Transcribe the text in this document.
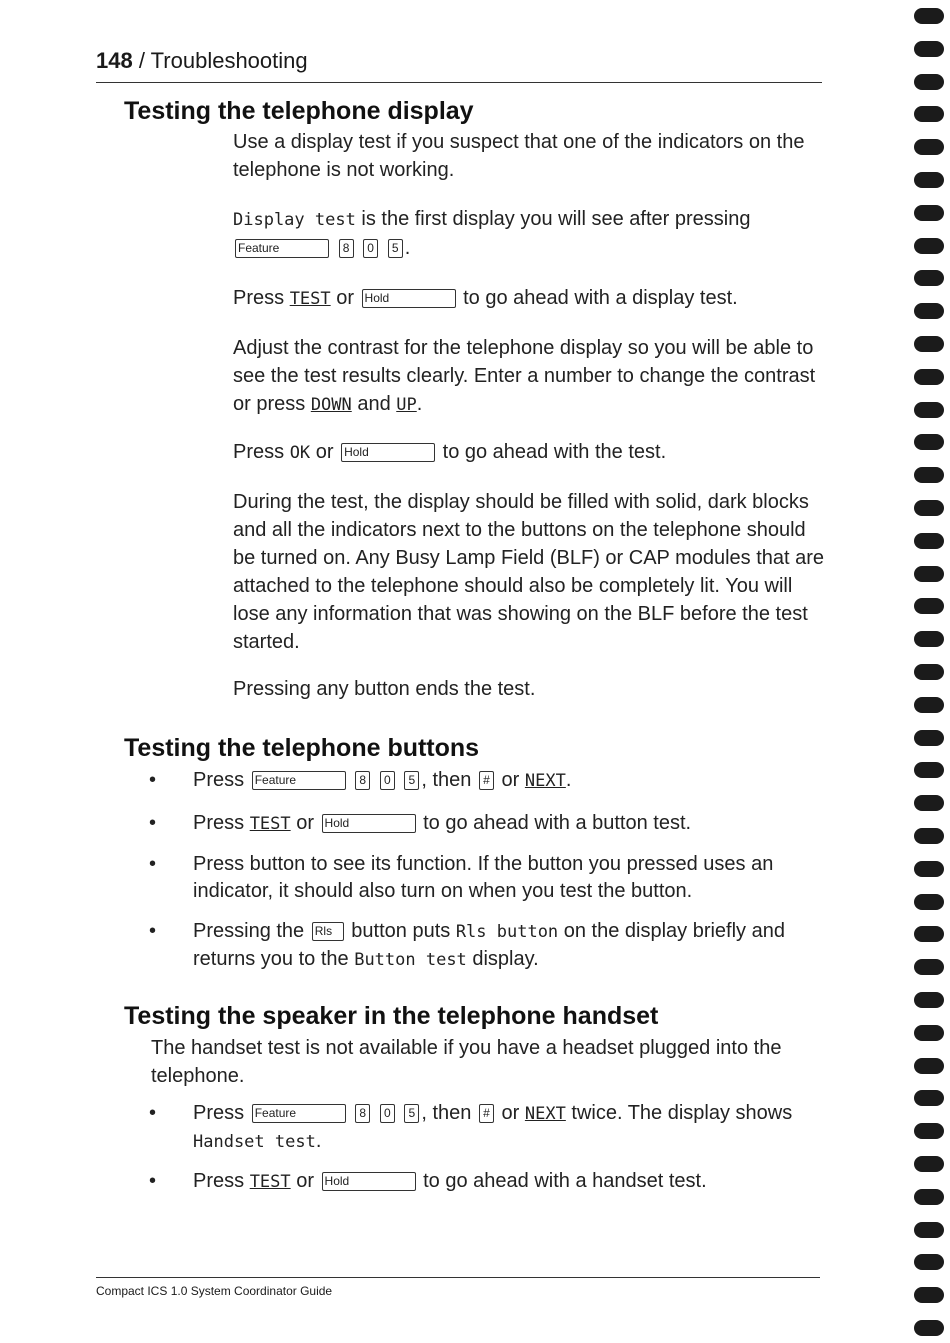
148 / Troubleshooting
Testing the telephone display

Use a display test if you suspect that one of the indicators on the telephone is not working.

Display test is the first display you will see after pressing
Feature	8 0 5 .

Press TEST or Hold	to go ahead with a display test.

Adjust the contrast for the telephone display so you will be able to see the test results clearly. Enter a number to change the contrast or press DOWN and UP.

Press OK or Hold	to go ahead with the test.

During the test, the display should be filled with solid, dark blocks and all the indicators next to the buttons on the telephone should be turned on. Any Busy Lamp Field (BLF) or CAP modules that are attached to the telephone should also be completely lit. You will lose any information that was showing on the BLF before the test started.

Pressing any button ends the test.

Testing the telephone buttons
• Press Feature	8 0 5 , then # or NEXT.
• Press TEST or Hold	to go ahead with a button test.
• Press button to see its function. If the button you pressed uses an indicator, it should also turn on when you test the button.
• Pressing the Rls button puts Rls button on the display briefly and returns you to the Button test display.
Testing the speaker in the telephone handset

The handset test is not available if you have a headset plugged into the telephone.

• Press Feature	8 0 5 , then # or NEXT twice. The display shows Handset test.
• Press TEST or Hold	to go ahead with a handset test.
Compact ICS 1.0 System Coordinator Guide
